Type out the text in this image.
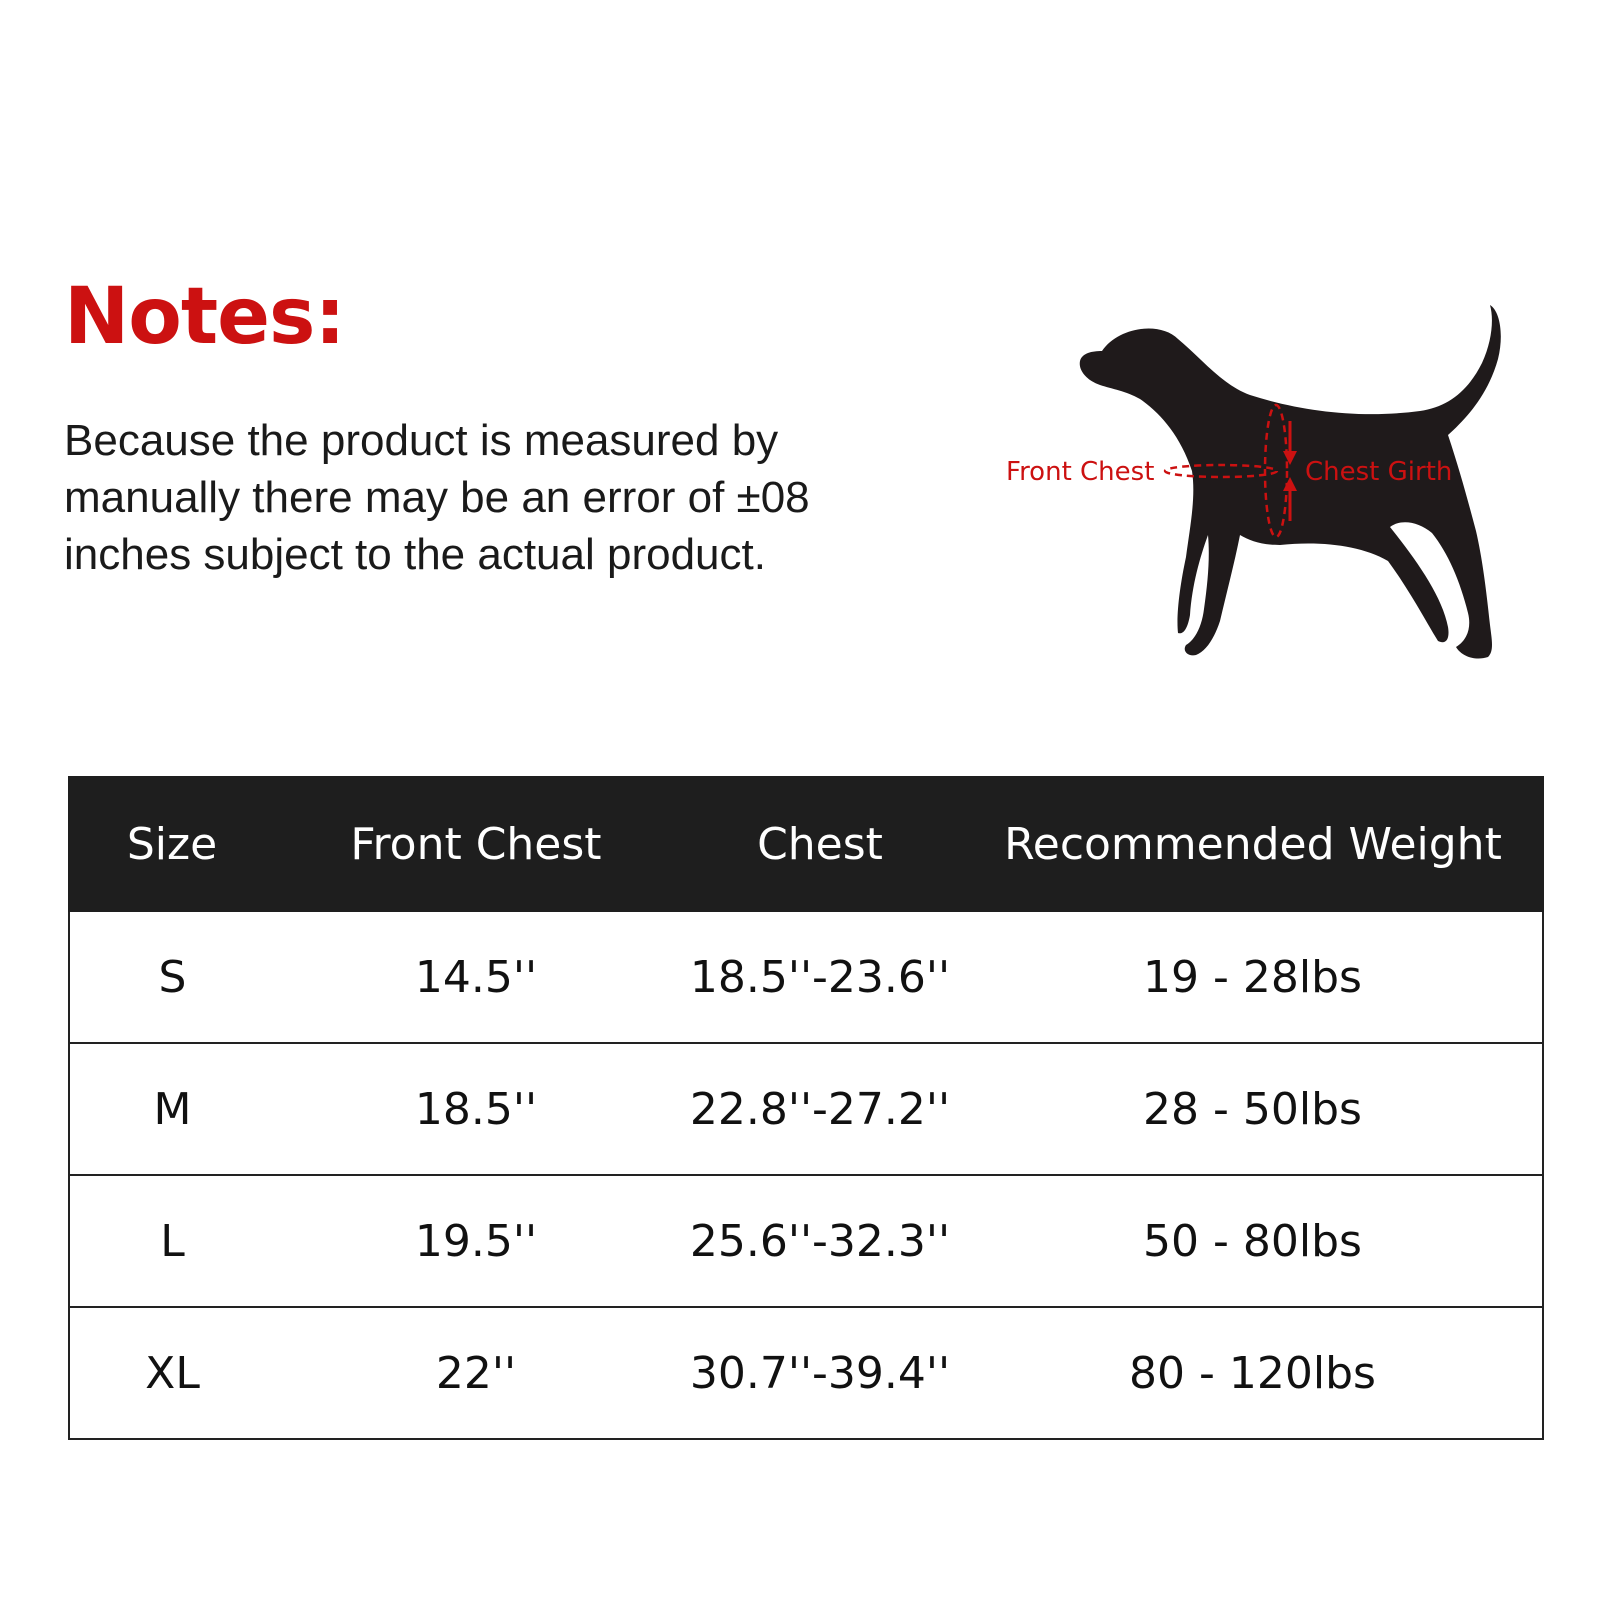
Notes:

Because the product is measured by manually there may be an error of ±08 inches subject to the actual product.

Front Chest	Chest Girth
Size	Front Chest	Chest	Recommended Weight
S	14.5''	18.5''-23.6''	19 - 28lbs
M	18.5''	22.8''-27.2''	28 - 50lbs
L	19.5''	25.6''-32.3''	50 - 80lbs
XL	22''	30.7''-39.4''	80 - 120lbs
